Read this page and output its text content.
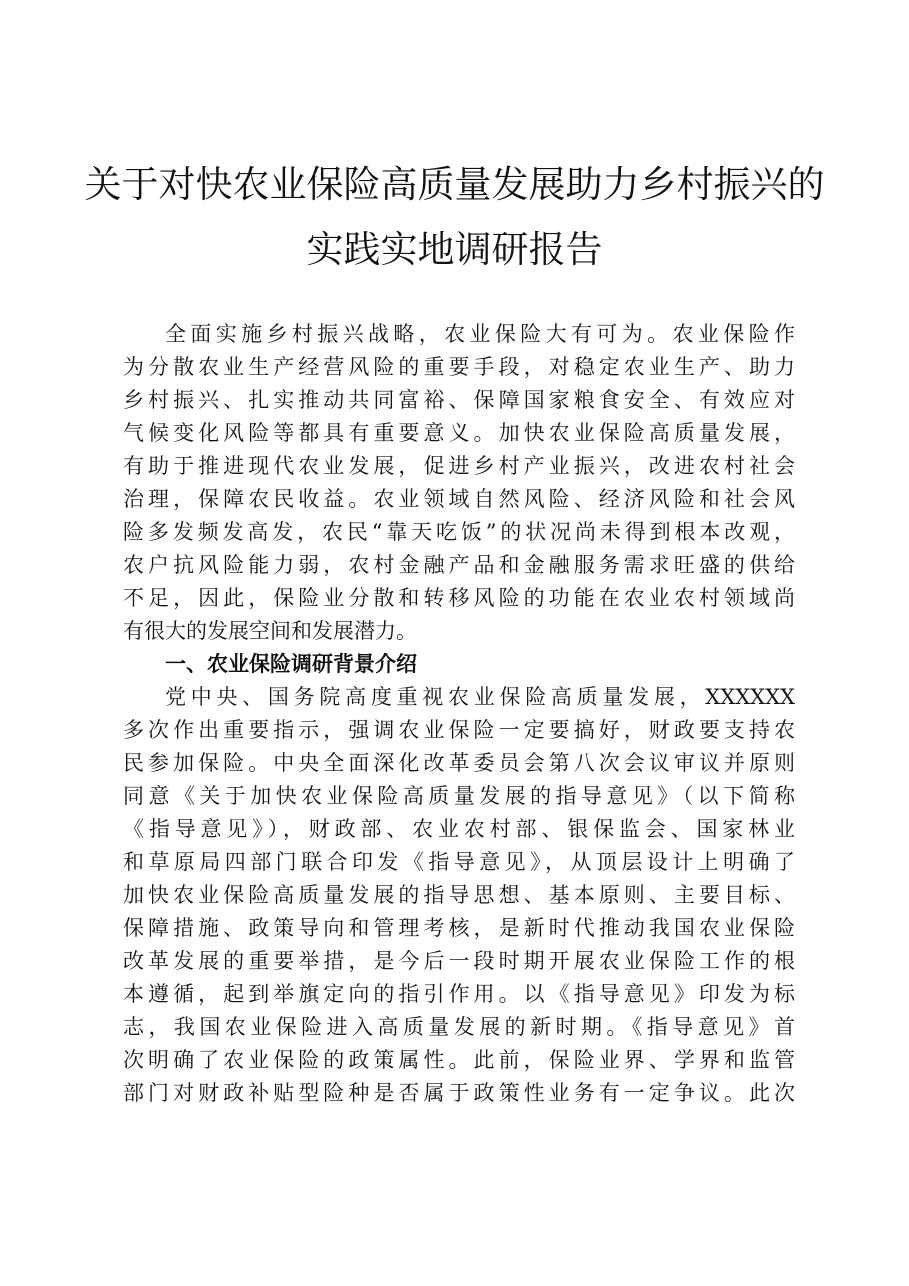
关于对快农业保险高质量发展助力乡村振兴的
实践实地调研报告
全面实施乡村振兴战略，农业保险大有可为。农业保险作
为分散农业生产经营风险的重要手段，对稳定农业生产、助力
乡村振兴、扎实推动共同富裕、保障国家粮食安全、有效应对
气候变化风险等都具有重要意义。加快农业保险高质量发展，
有助于推进现代农业发展，促进乡村产业振兴，改进农村社会
治理，保障农民收益。农业领域自然风险、经济风险和社会风
险多发频发高发，农民“靠天吃饭”的状况尚未得到根本改观，
农户抗风险能力弱，农村金融产品和金融服务需求旺盛的供给
不足，因此，保险业分散和转移风险的功能在农业农村领域尚
有很大的发展空间和发展潜力。
一、农业保险调研背景介绍
党中央、国务院高度重视农业保险高质量发展，XXXXXX
多次作出重要指示，强调农业保险一定要搞好，财政要支持农
民参加保险。中央全面深化改革委员会第八次会议审议并原则
同意《关于加快农业保险高质量发展的指导意见》（以下简称
《指导意见》），财政部、农业农村部、银保监会、国家林业
和草原局四部门联合印发《指导意见》，从顶层设计上明确了
加快农业保险高质量发展的指导思想、基本原则、主要目标、
保障措施、政策导向和管理考核，是新时代推动我国农业保险
改革发展的重要举措，是今后一段时期开展农业保险工作的根
本遵循，起到举旗定向的指引作用。以《指导意见》印发为标
志，我国农业保险进入高质量发展的新时期。《指导意见》首
次明确了农业保险的政策属性。此前，保险业界、学界和监管
部门对财政补贴型险种是否属于政策性业务有一定争议。此次
